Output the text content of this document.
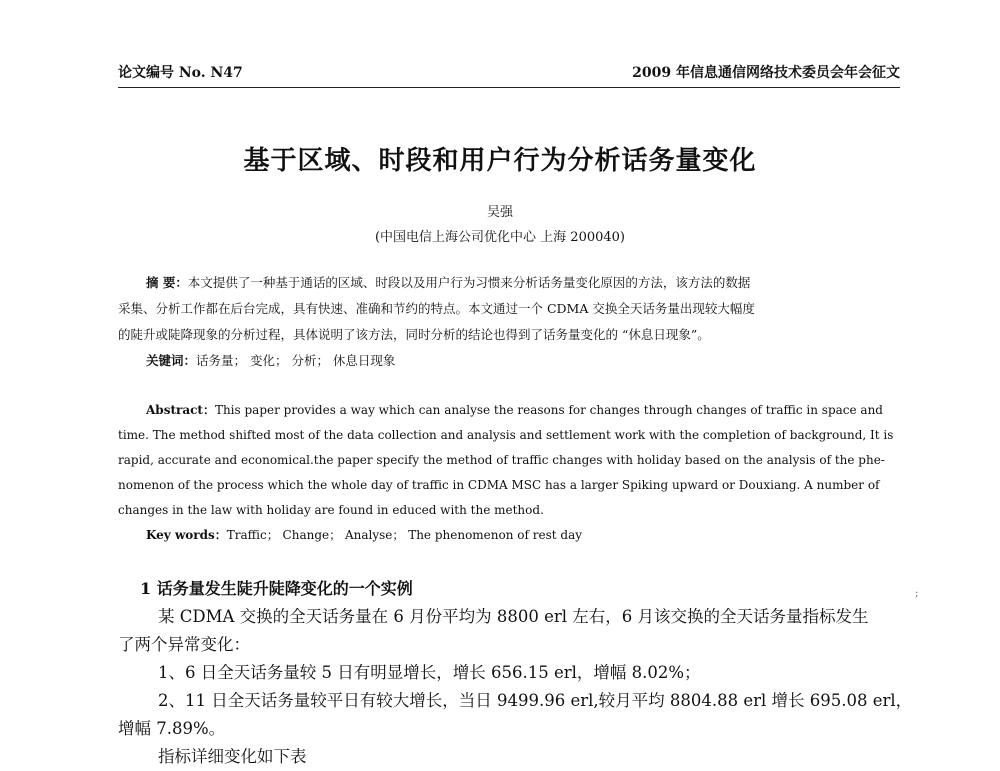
论文编号 No. N47	2009 年信息通信网络技术委员会年会征文
基于区域、时段和用户行为分析话务量变化
吴强
(中国电信上海公司优化中心 上海 200040)

摘 要：本文提供了一种基于通话的区域、时段以及用户行为习惯来分析话务量变化原因的方法，该方法的数据

采集、分析工作都在后台完成，具有快速、准确和节约的特点。本文通过一个 CDMA 交换全天话务量出现较大幅度

的陡升或陡降现象的分析过程，具体说明了该方法，同时分析的结论也得到了话务量变化的 “休息日现象”。

关键词：话务量； 变化； 分析； 休息日现象

Abstract：This paper provides a way which can analyse the reasons for changes through changes of traffic in space and

time. The method shifted most of the data collection and analysis and settlement work with the completion of background, It is

rapid, accurate and economical.the paper specify the method of traffic changes with holiday based on the analysis of the phe-

nomenon of the process which the whole day of traffic in CDMA MSC has a larger Spiking upward or Douxiang. A number of

changes in the law with holiday are found in educed with the method.

Key words：Traffic； Change； Analyse； The phenomenon of rest day

1 话务量发生陡升陡降变化的一个实例

某 CDMA 交换的全天话务量在 6 月份平均为 8800 erl 左右，6 月该交换的全天话务量指标发生

了两个异常变化：

1、6 日全天话务量较 5 日有明显增长，增长 656.15 erl，增幅 8.02%；

2、11 日全天话务量较平日有较大增长，当日 9499.96 erl,较月平均 8804.88 erl 增长 695.08 erl，

增幅 7.89%。

指标详细变化如下表

;
